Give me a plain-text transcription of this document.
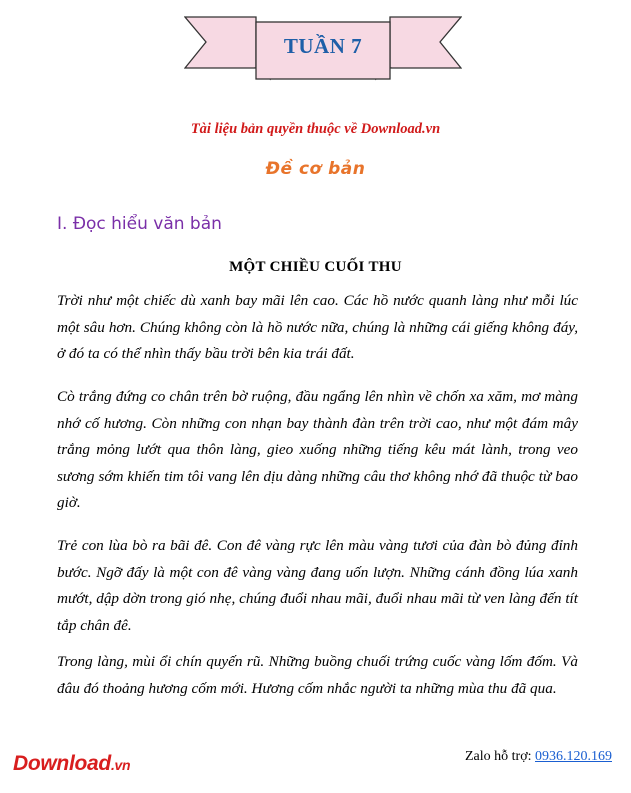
TUẦN 7
Tài liệu bản quyền thuộc về Download.vn
Đề cơ bản
I. Đọc hiểu văn bản
MỘT CHIỀU CUỐI THU
Trời như một chiếc dù xanh bay mãi lên cao. Các hồ nước quanh làng như mỗi lúc một sâu hơn. Chúng không còn là hồ nước nữa, chúng là những cái giếng không đáy, ở đó ta có thể nhìn thấy bầu trời bên kia trái đất.
Cò trắng đứng co chân trên bờ ruộng, đầu ngẩng lên nhìn về chốn xa xăm, mơ màng nhớ cố hương. Còn những con nhạn bay thành đàn trên trời cao, như một đám mây trắng mỏng lướt qua thôn làng, gieo xuống những tiếng kêu mát lành, trong veo sương sớm khiến tim tôi vang lên dịu dàng những câu thơ không nhớ đã thuộc từ bao giờ.
Trẻ con lùa bò ra bãi đê. Con đê vàng rực lên màu vàng tươi của đàn bò đủng đỉnh bước. Ngỡ đấy là một con đê vàng vàng đang uốn lượn. Những cánh đồng lúa xanh mướt, dập dờn trong gió nhẹ, chúng đuổi nhau mãi, đuổi nhau mãi từ ven làng đến tít tắp chân đê.
Trong làng, mùi ổi chín quyến rũ. Những buồng chuối trứng cuốc vàng lốm đốm. Và đâu đó thoảng hương cốm mới. Hương cốm nhắc người ta những mùa thu đã qua.
Download.vn
Zalo hỗ trợ: 0936.120.169
